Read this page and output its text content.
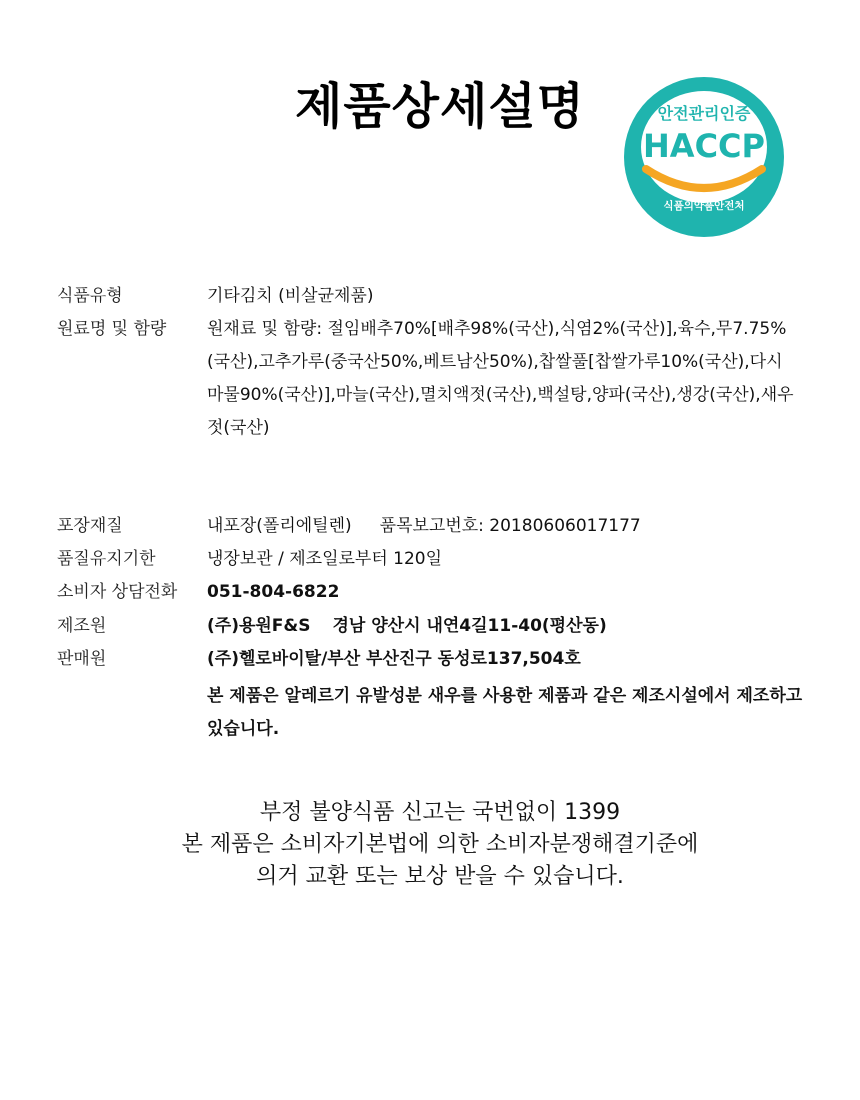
제품상세설명	안전관리인증
HACCP
식품의약품안전처
식품유형	기타김치 (비살균제품)
원료명 및 함량	원재료 및 함량: 절임배추70%[배추98%(국산),식염2%(국산)],육수,무7.75%(국산),고추가루(중국산50%,베트남산50%),찹쌀풀[찹쌀가루10%(국산),다시마물90%(국산)],마늘(국산),멸치액젓(국산),백설탕,양파(국산),생강(국산),새우젓(국산)
포장재질	내포장(폴리에틸렌) 품목보고번호: 20180606017177
품질유지기한	냉장보관 / 제조일로부터 120일
소비자 상담전화	051-804-6822
제조원	(주)용원F&S 경남 양산시 내연4길11-40(평산동)
판매원	(주)헬로바이탈/부산 부산진구 동성로137,504호
본 제품은 알레르기 유발성분 새우를 사용한 제품과 같은 제조시설에서 제조하고 있습니다.
부정 불양식품 신고는 국번없이 1399
본 제품은 소비자기본법에 의한 소비자분쟁해결기준에
의거 교환 또는 보상 받을 수 있습니다.
